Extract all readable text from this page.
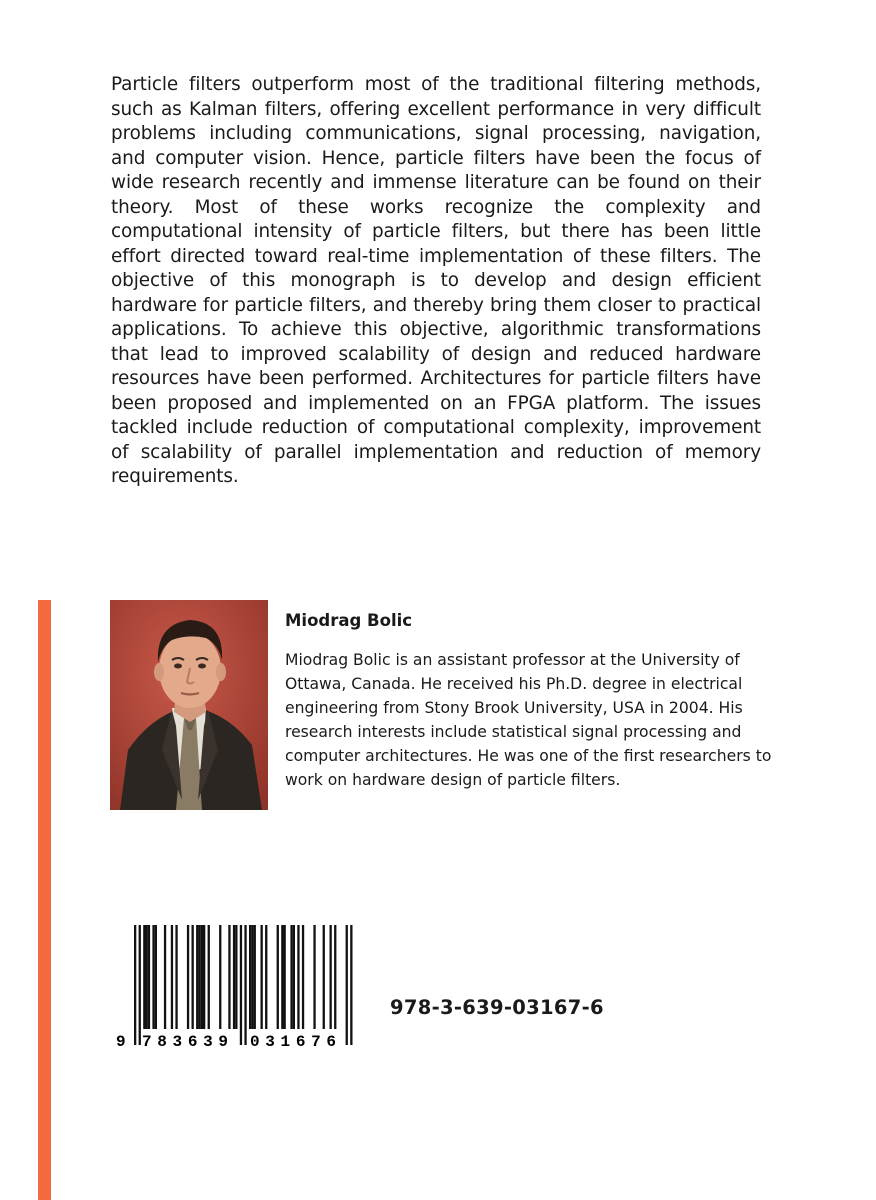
Particle filters outperform most of the traditional filtering methods, such as Kalman filters, offering excellent performance in very difficult problems including communications, signal processing, navigation, and computer vision. Hence, particle filters have been the focus of wide research recently and immense literature can be found on their theory. Most of these works recognize the complexity and computational intensity of particle filters, but there has been little effort directed toward real-time implementation of these filters. The objective of this monograph is to develop and design efficient hardware for particle filters, and thereby bring them closer to practical applications. To achieve this objective, algorithmic transformations that lead to improved scalability of design and reduced hardware resources have been performed. Architectures for particle filters have been proposed and implemented on an FPGA platform. The issues tackled include reduction of computational complexity, improvement of scalability of parallel implementation and reduction of memory requirements.

Miodrag Bolic

Miodrag Bolic is an assistant professor at the University of Ottawa, Canada. He received his Ph.D. degree in electrical engineering from Stony Brook University, USA in 2004. His research interests include statistical signal processing and computer architectures. He was one of the first researchers to work on hardware design of particle filters.

9 783639 031676

978-3-639-03167-6
